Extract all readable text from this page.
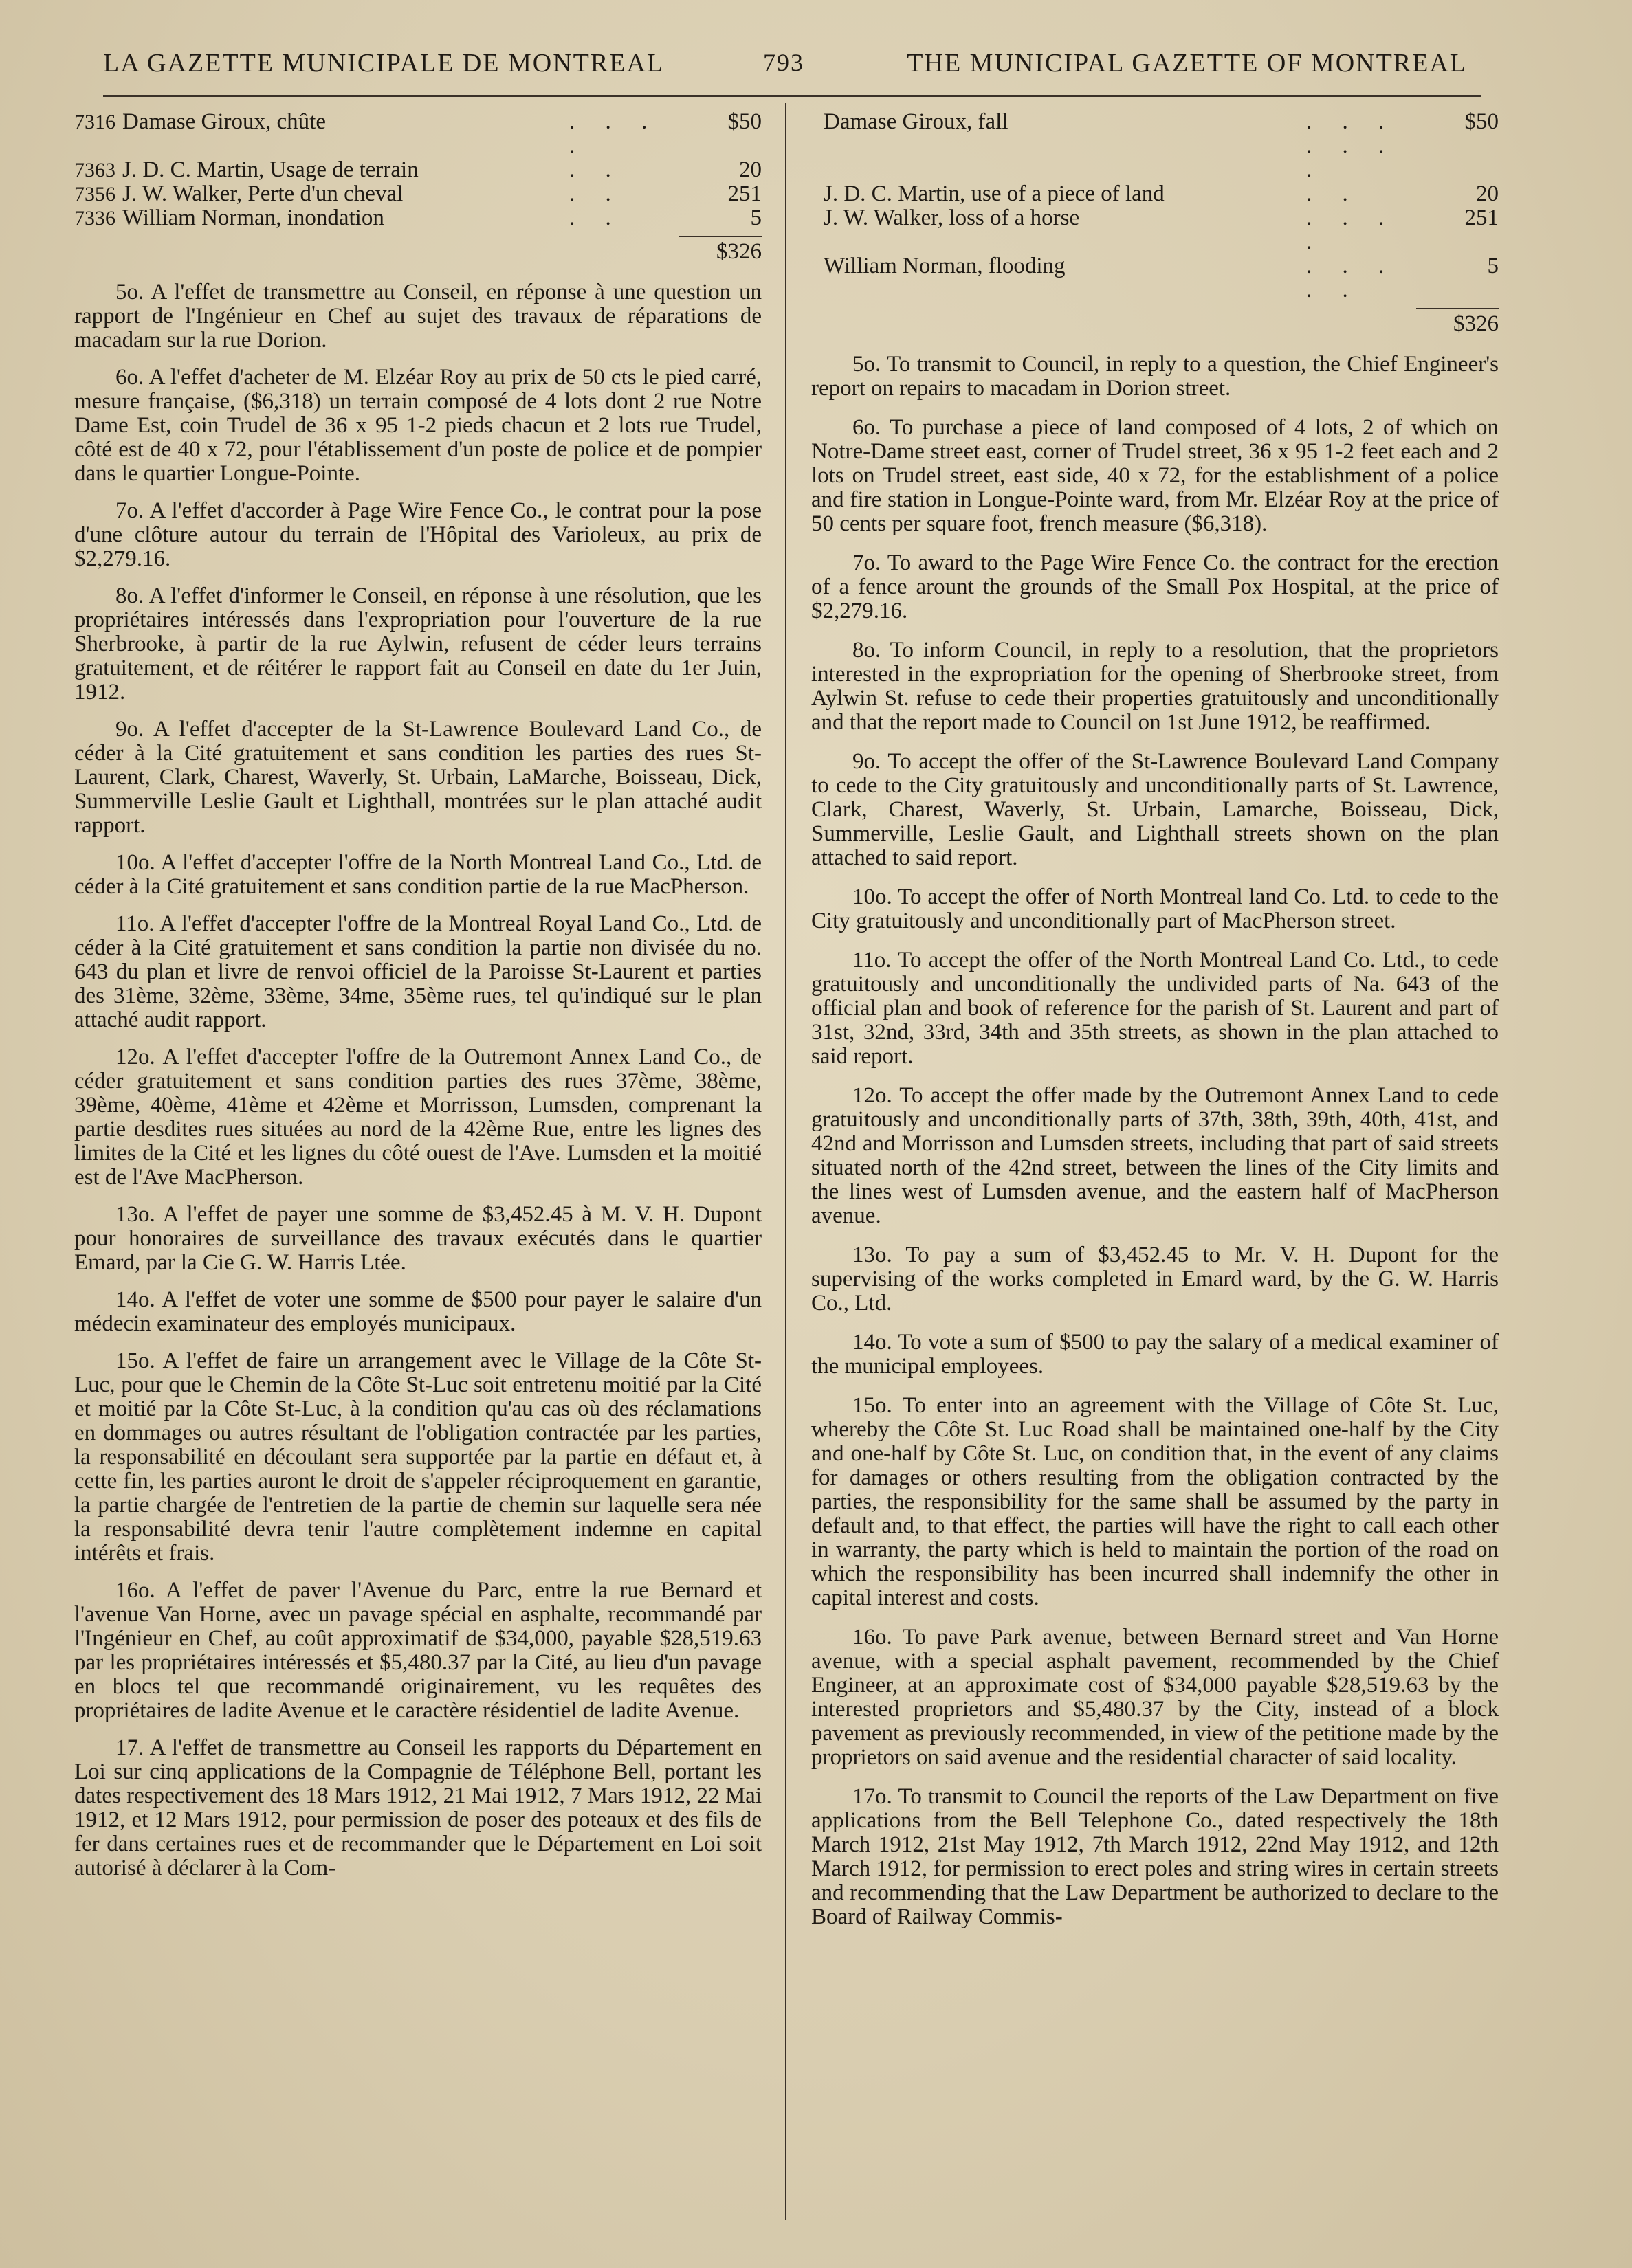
LA GAZETTE MUNICIPALE DE MONTREAL	793	THE MUNICIPAL GAZETTE OF MONTREAL
7316	Damase Giroux, chûte	. . . .	$50
7363	J. D. C. Martin, Usage de terrain	. .	20
7356	J. W. Walker, Perte d'un cheval	. .	251
7336	William Norman, inondation	. .	5
$326

5o. A l'effet de transmettre au Conseil, en réponse à une question un rapport de l'Ingénieur en Chef au sujet des travaux de réparations de macadam sur la rue Dorion.

6o. A l'effet d'acheter de M. Elzéar Roy au prix de 50 cts le pied carré, mesure française, ($6,318) un terrain composé de 4 lots dont 2 rue Notre Dame Est, coin Trudel de 36 x 95 1-2 pieds chacun et 2 lots rue Trudel, côté est de 40 x 72, pour l'établissement d'un poste de police et de pompier dans le quartier Longue-Pointe.

7o. A l'effet d'accorder à Page Wire Fence Co., le contrat pour la pose d'une clôture autour du terrain de l'Hôpital des Varioleux, au prix de $2,279.16.

8o. A l'effet d'informer le Conseil, en réponse à une résolution, que les propriétaires intéressés dans l'expropriation pour l'ouverture de la rue Sherbrooke, à partir de la rue Aylwin, refusent de céder leurs terrains gratuitement, et de réitérer le rapport fait au Conseil en date du 1er Juin, 1912.

9o. A l'effet d'accepter de la St-Lawrence Boulevard Land Co., de céder à la Cité gratuitement et sans condition les parties des rues St-Laurent, Clark, Charest, Waverly, St. Urbain, LaMarche, Boisseau, Dick, Summerville Leslie Gault et Lighthall, montrées sur le plan attaché audit rapport.

10o. A l'effet d'accepter l'offre de la North Montreal Land Co., Ltd. de céder à la Cité gratuitement et sans condition partie de la rue MacPherson.

11o. A l'effet d'accepter l'offre de la Montreal Royal Land Co., Ltd. de céder à la Cité gratuitement et sans condition la partie non divisée du no. 643 du plan et livre de renvoi officiel de la Paroisse St-Laurent et parties des 31ème, 32ème, 33ème, 34me, 35ème rues, tel qu'indiqué sur le plan attaché audit rapport.

12o. A l'effet d'accepter l'offre de la Outremont Annex Land Co., de céder gratuitement et sans condition parties des rues 37ème, 38ème, 39ème, 40ème, 41ème et 42ème et Morrisson, Lumsden, comprenant la partie desdites rues situées au nord de la 42ème Rue, entre les lignes des limites de la Cité et les lignes du côté ouest de l'Ave. Lumsden et la moitié est de l'Ave MacPherson.

13o. A l'effet de payer une somme de $3,452.45 à M. V. H. Dupont pour honoraires de surveillance des travaux exécutés dans le quartier Emard, par la Cie G. W. Harris Ltée.

14o. A l'effet de voter une somme de $500 pour payer le salaire d'un médecin examinateur des employés municipaux.

15o. A l'effet de faire un arrangement avec le Village de la Côte St-Luc, pour que le Chemin de la Côte St-Luc soit entretenu moitié par la Cité et moitié par la Côte St-Luc, à la condition qu'au cas où des réclamations en dommages ou autres résultant de l'obligation contractée par les parties, la responsabilité en découlant sera supportée par la partie en défaut et, à cette fin, les parties auront le droit de s'appeler réciproquement en garantie, la partie chargée de l'entretien de la partie de chemin sur laquelle sera née la responsabilité devra tenir l'autre complètement indemne en capital intérêts et frais.

16o. A l'effet de paver l'Avenue du Parc, entre la rue Bernard et l'avenue Van Horne, avec un pavage spécial en asphalte, recommandé par l'Ingénieur en Chef, au coût approximatif de $34,000, payable $28,519.63 par les propriétaires intéressés et $5,480.37 par la Cité, au lieu d'un pavage en blocs tel que recommandé originairement, vu les requêtes des propriétaires de ladite Avenue et le caractère résidentiel de ladite Avenue.

17. A l'effet de transmettre au Conseil les rapports du Département en Loi sur cinq applications de la Compagnie de Téléphone Bell, portant les dates respectivement des 18 Mars 1912, 21 Mai 1912, 7 Mars 1912, 22 Mai 1912, et 12 Mars 1912, pour permission de poser des poteaux et des fils de fer dans certaines rues et de recommander que le Département en Loi soit autorisé à déclarer à la Com-

Damase Giroux, fall	. . . . . . .	$50
J. D. C. Martin, use of a piece of land	. .	20
J. W. Walker, loss of a horse	. . . .	251
William Norman, flooding	. . . . .	5
$326

5o. To transmit to Council, in reply to a question, the Chief Engineer's report on repairs to macadam in Dorion street.

6o. To purchase a piece of land composed of 4 lots, 2 of which on Notre-Dame street east, corner of Trudel street, 36 x 95 1-2 feet each and 2 lots on Trudel street, east side, 40 x 72, for the establishment of a police and fire station in Longue-Pointe ward, from Mr. Elzéar Roy at the price of 50 cents per square foot, french measure ($6,318).

7o. To award to the Page Wire Fence Co. the contract for the erection of a fence arount the grounds of the Small Pox Hospital, at the price of $2,279.16.

8o. To inform Council, in reply to a resolution, that the proprietors interested in the expropriation for the opening of Sherbrooke street, from Aylwin St. refuse to cede their properties gratuitously and unconditionally and that the report made to Council on 1st June 1912, be reaffirmed.

9o. To accept the offer of the St-Lawrence Boulevard Land Company to cede to the City gratuitously and unconditionally parts of St. Lawrence, Clark, Charest, Waverly, St. Urbain, Lamarche, Boisseau, Dick, Summerville, Leslie Gault, and Lighthall streets shown on the plan attached to said report.

10o. To accept the offer of North Montreal land Co. Ltd. to cede to the City gratuitously and unconditionally part of MacPherson street.

11o. To accept the offer of the North Montreal Land Co. Ltd., to cede gratuitously and unconditionally the undivided parts of Na. 643 of the official plan and book of reference for the parish of St. Laurent and part of 31st, 32nd, 33rd, 34th and 35th streets, as shown in the plan attached to said report.

12o. To accept the offer made by the Outremont Annex Land to cede gratuitously and unconditionally parts of 37th, 38th, 39th, 40th, 41st, and 42nd and Morrisson and Lumsden streets, including that part of said streets situated north of the 42nd street, between the lines of the City limits and the lines west of Lumsden avenue, and the eastern half of MacPherson avenue.

13o. To pay a sum of $3,452.45 to Mr. V. H. Dupont for the supervising of the works completed in Emard ward, by the G. W. Harris Co., Ltd.

14o. To vote a sum of $500 to pay the salary of a medical examiner of the municipal employees.

15o. To enter into an agreement with the Village of Côte St. Luc, whereby the Côte St. Luc Road shall be maintained one-half by the City and one-half by Côte St. Luc, on condition that, in the event of any claims for damages or others resulting from the obligation contracted by the parties, the responsibility for the same shall be assumed by the party in default and, to that effect, the parties will have the right to call each other in warranty, the party which is held to maintain the portion of the road on which the responsibility has been incurred shall indemnify the other in capital interest and costs.

16o. To pave Park avenue, between Bernard street and Van Horne avenue, with a special asphalt pavement, recommended by the Chief Engineer, at an approximate cost of $34,000 payable $28,519.63 by the interested proprietors and $5,480.37 by the City, instead of a block pavement as previously recommended, in view of the petitione made by the proprietors on said avenue and the residential character of said locality.

17o. To transmit to Council the reports of the Law Department on five applications from the Bell Telephone Co., dated respectively the 18th March 1912, 21st May 1912, 7th March 1912, 22nd May 1912, and 12th March 1912, for permission to erect poles and string wires in certain streets and recommending that the Law Department be authorized to declare to the Board of Railway Commis-
